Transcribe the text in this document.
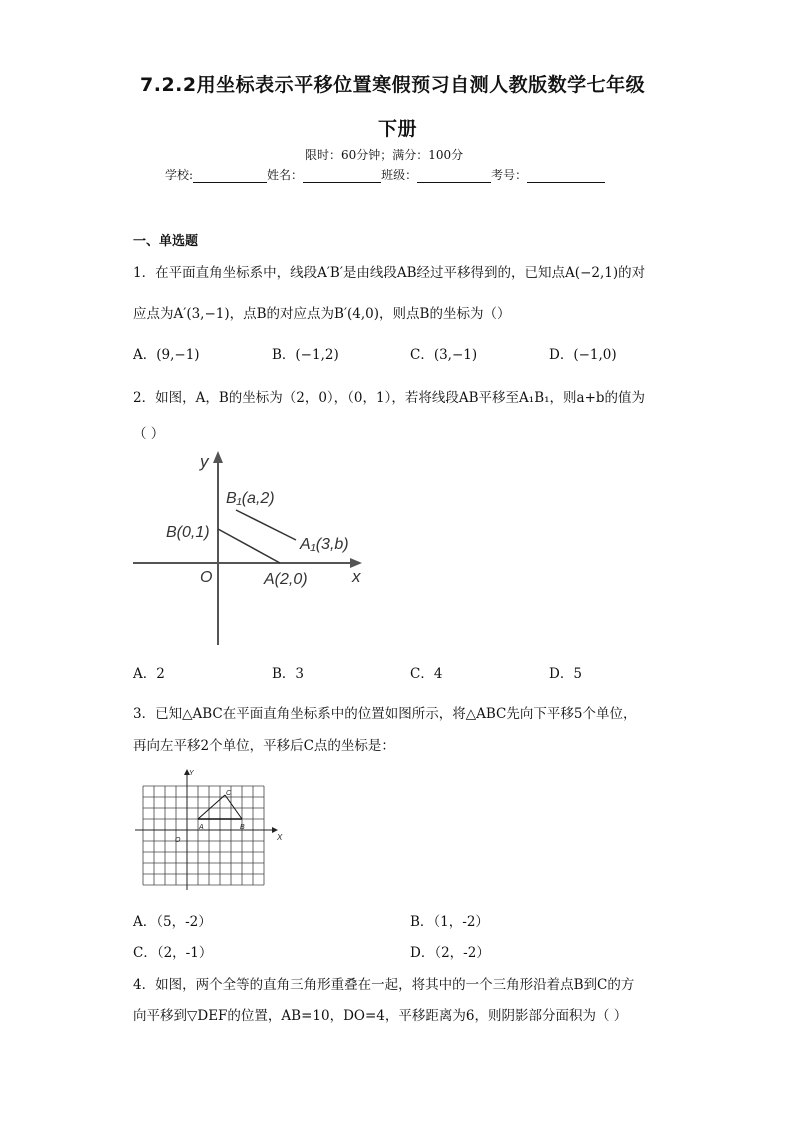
7.2.2用坐标表示平移位置寒假预习自测人教版数学七年级
下册
限时：60分钟；满分：100分
学校:	姓名：	班级：	考号：
一、单选题
1．在平面直角坐标系中，线段A′B′是由线段AB经过平移得到的，已知点A(−2,1)的对
应点为A′(3,−1)，点B的对应点为B′(4,0)，则点B的坐标为（）
A．(9,−1)	B．(−1,2)	C．(3,−1)	D．(−1,0)
2．如图，A，B的坐标为（2，0），（0，1），若将线段AB平移至A₁B₁，则a+b的值为
（ ）
y
x
O
B₁(a,2)
A₁(3,b)
B(0,1)
A(2,0)
A．2	B．3	C．4	D．5
3．已知△ABC在平面直角坐标系中的位置如图所示，将△ABC先向下平移5个单位，
再向左平移2个单位，平移后C点的坐标是：
Y
X
O
A	B
C
A．（5，-2）	B．（1，-2）
C．（2，-1）	D．（2，-2）
4．如图，两个全等的直角三角形重叠在一起，将其中的一个三角形沿着点B到C的方
向平移到▽DEF的位置，AB=10，DO=4，平移距离为6，则阴影部分面积为（ ）
